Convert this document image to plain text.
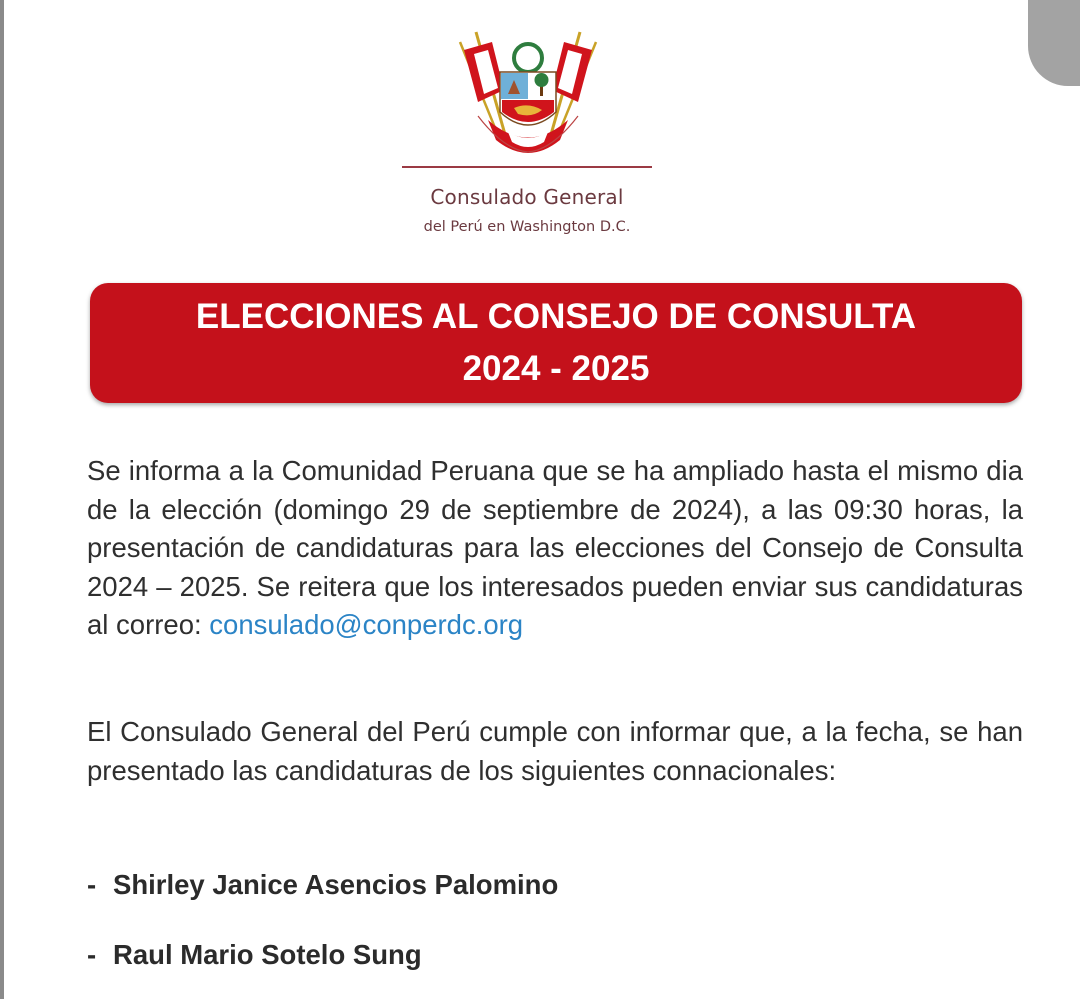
Consulado General
del Perú en Washington D.C.
ELECCIONES AL CONSEJO DE CONSULTA
2024 - 2025
Se informa a la Comunidad Peruana que se ha ampliado hasta el mismo dia de la elección (domingo 29 de septiembre de 2024), a las 09:30 horas, la presentación de candidaturas para las elecciones del Consejo de Consulta 2024 – 2025. Se reitera que los interesados pueden enviar sus candidaturas al correo: consulado@conperdc.org
El Consulado General del Perú cumple con informar que, a la fecha, se han presentado las candidaturas de los siguientes connacionales:
- Shirley Janice Asencios Palomino
- Raul Mario Sotelo Sung
